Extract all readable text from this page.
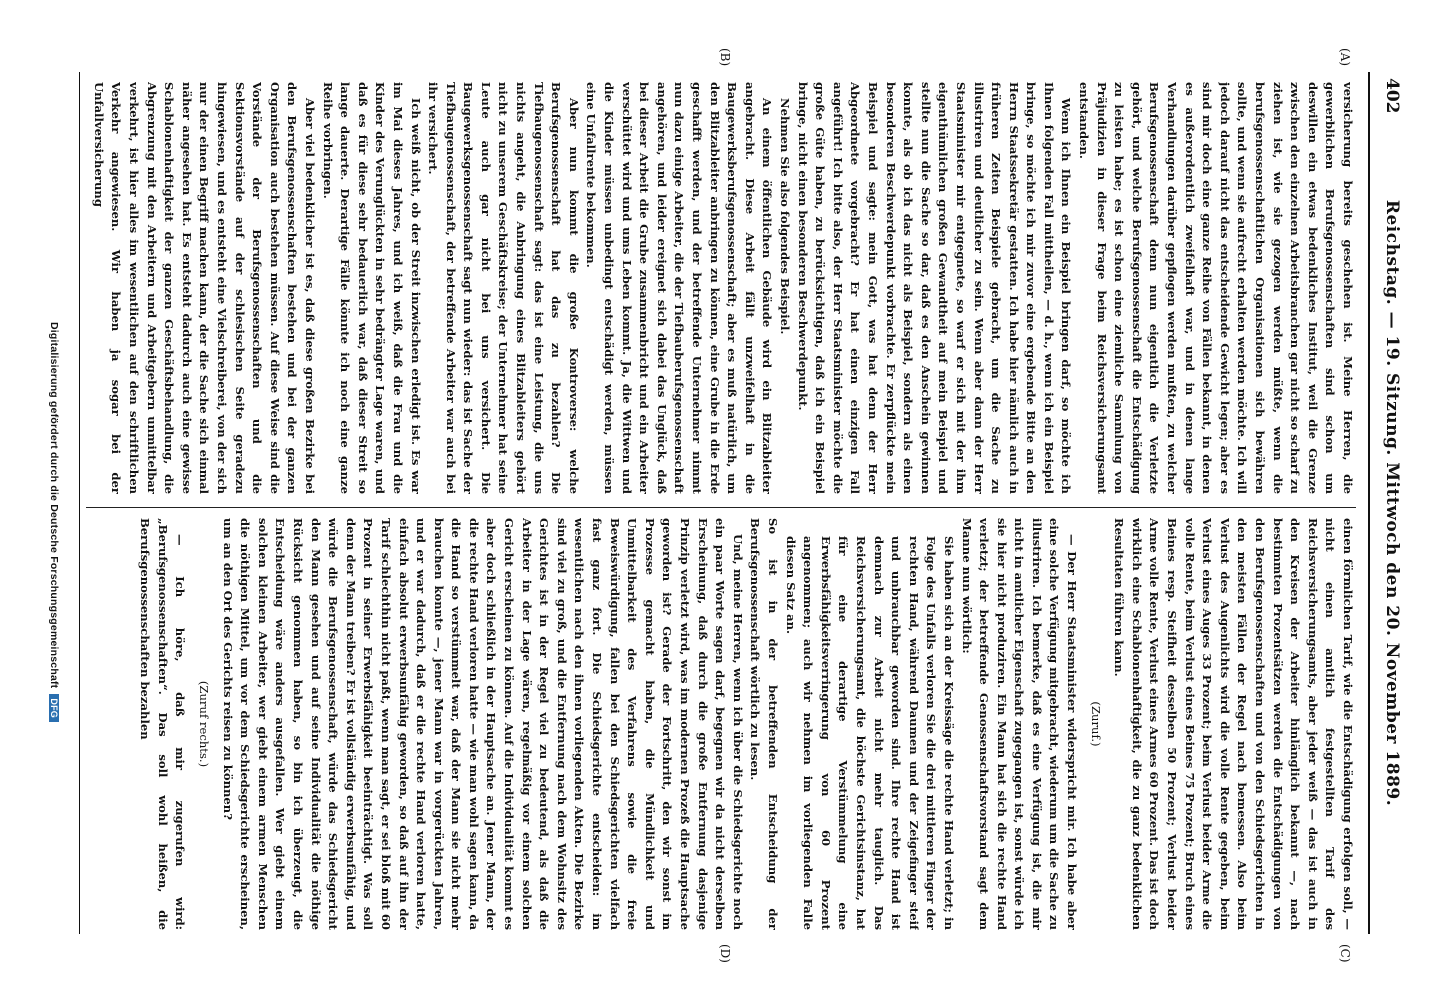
402
Reichstag. — 19. Sitzung. Mittwoch den 20. November 1889.
(A)
(B)
(C)
(D)

versicherung bereits geschehen ist. Meine Herren, die gewerblichen Berufsgenossenschaften sind schon um deswillen ein etwas bedenkliches Institut, weil die Grenze zwischen den einzelnen Arbeitsbranchen gar nicht so scharf zu ziehen ist, wie sie gezogen werden müßte, wenn die berufsgenossenschaftlichen Organisationen sich bewähren sollte, und wenn sie aufrecht erhalten werden möchte. Ich will jedoch darauf nicht das entscheidende Gewicht legen; aber es sind mir doch eine ganze Reihe von Fällen bekannt, in denen es außerordentlich zweifelhaft war, und in denen lange Verhandlungen darüber gepflogen werden mußten, zu welcher Berufsgenossenschaft denn nun eigentlich die Verletzte gehört, und welche Berufsgenossenschaft die Entschädigung zu leisten habe; es ist schon eine ziemliche Sammlung von Präjudizien in dieser Frage beim Reichsversicherungsamt entstanden.

Wenn ich Ihnen ein Beispiel bringen darf, so möchte ich Ihnen folgenden Fall mittheilen, — d. h., wenn ich ein Beispiel bringe, so möchte ich mir zuvor eine ergebende Bitte an den Herrn Staatssekretär gestatten. Ich habe hier nämlich auch in früheren Zeiten Beispiele gebracht, um die Sache zu illustriren und deutlicher zu sein. Wenn aber dann der Herr Staatsminister mir entgegnete, so warf er sich mit der ihm eigenthümlichen großen Gewandtheit auf mein Beispiel und stellte nun die Sache so dar, daß es den Anschein gewinnen konnte, als ob ich das nicht als Beispiel, sondern als einen besonderen Beschwerdepunkt vorbrachte. Er zerpflückte mein Beispiel und sagte: mein Gott, was hat denn der Herr Abgeordnete vorgebracht? Er hat einen einzigen Fall angeführt! Ich bitte also, der Herr Staatsminister möchte die große Güte haben, zu berücksichtigen, daß ich ein Beispiel bringe, nicht einen besonderen Beschwerdepunkt.

Nehmen Sie also folgendes Beispiel.

An einem öffentlichen Gebäude wird ein Blitzableiter angebracht. Diese Arbeit fällt unzweifelhaft in die Baugewerksberufsgenossenschaft; aber es muß natürlich, um den Blitzableiter anbringen zu können, eine Grube in die Erde geschafft werden, und der betreffende Unternehmer nimmt nun dazu einige Arbeiter, die der Tiefbauberufsgenossenschaft angehören, und leider ereignet sich dabei das Unglück, daß bei dieser Arbeit die Grube zusammenbricht und ein Arbeiter verschüttet wird und ums Leben kommt. Ja, die Wittwen und die Kinder müssen unbedingt entschädigt werden, müssen eine Unfallrente bekommen.

Aber nun kommt die große Kontroverse: welche Berufsgenossenschaft hat das zu bezahlen? Die Tiefbaugenossenschaft sagt: das ist eine Leistung, die uns nichts angeht, die Anbringung eines Blitzableiters gehört nicht zu unserem Geschäftskreise; der Unternehmer hat seine Leute auch gar nicht bei uns versichert. Die Baugewerksgenossenschaft sagt nun wieder: das ist Sache der Tiefbaugenossenschaft, der betreffende Arbeiter war auch bei ihr versichert.

Ich weiß nicht, ob der Streit inzwischen erledigt ist. Es war im Mai dieses Jahres, und ich weiß, daß die Frau und die Kinder des Verunglückten in sehr bedrängter Lage waren, und daß es für diese sehr bedauerlich war, daß dieser Streit so lange dauerte. Derartige Fälle könnte ich noch eine ganze Reihe vorbringen.

Aber viel bedenklicher ist es, daß diese großen Bezirke bei den Berufsgenossenschaften bestehen und bei der ganzen Organisation auch bestehen müssen. Auf diese Weise sind die Vorstände der Berufsgenossenschaften und die Sektionsvorstände auf der schlesischen Seite geradezu hingewiesen, und es entsteht eine Vielschreiberei, von der sich nur der einen Begriff machen kann, der die Sache sich einmal näher angesehen hat. Es entsteht dadurch auch eine gewisse Schablonenhaftigkeit der ganzen Geschäftsbehandlung, die Abgrenzung mit den Arbeitern und Arbeitgebern unmittelbar verkehrt, ist hier alles im wesentlichen auf den schriftlichen Verkehr angewiesen. Wir haben ja sogar bei der Unfallversicherung

einen förmlichen Tarif, wie die Entschädigung erfolgen soll, — nicht einen amtlich festgestellten Tarif des Reichsversicherungsamts, aber jeder weiß — das ist auch in den Kreisen der Arbeiter hinlänglich bekannt —, nach bestimmten Prozentsätzen werden die Entschädigungen von den Berufsgenossenschaften und von den Schiedsgerichten in den meisten Fällen der Regel nach bemessen. Also beim Verlust des Augenlichts wird die volle Rente gegeben, beim Verlust eines Auges 33 Prozent; beim Verlust beider Arme die volle Rente, beim Verlust eines Beines 75 Prozent; Bruch eines Beines resp. Steifheit desselben 50 Prozent; Verlust beider Arme volle Rente, Verlust eines Armes 60 Prozent. Das ist doch wirklich eine Schablonenhaftigkeit, die zu ganz bedenklichen Resultaten führen kann.

(Zuruf.)

— Der Herr Staatsminister widerspricht mir. Ich habe aber eine solche Verfügung mitgebracht, wiederum um die Sache zu illustriren. Ich bemerke, daß es eine Verfügung ist, die mir nicht in amtlicher Eigenschaft zugegangen ist, sonst würde ich sie hier nicht produziren. Ein Mann hat sich die rechte Hand verletzt; der betreffende Genossenschaftsvorstand sagt dem Manne nun wörtlich:

Sie haben sich an der Kreissäge die rechte Hand verletzt; in Folge des Unfalls verloren Sie die drei mittleren Finger der rechten Hand, während Daumen und der Zeigefinger steif und unbrauchbar geworden sind. Ihre rechte Hand ist demnach zur Arbeit nicht mehr tauglich. Das Reichsversicherungsamt, die höchste Gerichtsinstanz, hat für eine derartige Verstümmelung eine Erwerbsfähigkeitsverringerung von 60 Prozent angenommen; auch wir nehmen im vorliegenden Falle diesen Satz an.

So ist in der betreffenden Entscheidung der Berufsgenossenschaft wörtlich zu lesen.

Und, meine Herren, wenn ich über die Schiedsgerichte noch ein paar Worte sagen darf, begegnen wir da nicht derselben Erscheinung, daß durch die große Entfernung dasjenige Prinzip verletzt wird, was im modernen Prozeß die Hauptsache geworden ist? Gerade der Fortschritt, den wir sonst im Prozesse gemacht haben, die Mündlichkeit und Unmittelbarkeit des Verfahrens sowie die freie Beweiswürdigung, fallen bei den Schiedsgerichten vielfach fast ganz fort. Die Schiedsgerichte entscheiden: im wesentlichen nach den ihnen vorliegenden Akten. Die Bezirke sind viel zu groß, und die Entfernung nach dem Wohnsitz des Gerichtes ist in der Regel viel zu bedeutend, als daß die Arbeiter in der Lage wären, regelmäßig vor einem solchen Gericht erscheinen zu können. Auf die Individualität kommt es aber doch schließlich in der Hauptsache an. Jener Mann, der die rechte Hand verloren hatte — wie man wohl sagen kann, da die Hand so verstümmelt war, daß der Mann sie nicht mehr brauchen konnte —, jener Mann war in vorgerückten Jahren, und er war dadurch, daß er die rechte Hand verloren hatte, einfach absolut erwerbsunfähig geworden, so daß auf ihn der Tarif schlechthin nicht paßt, wenn man sagt, er sei bloß mit 60 Prozent in seiner Erwerbsfähigkeit beeinträchtigt. Was soll denn der Mann treiben? Er ist vollständig erwerbsunfähig, und würde die Berufsgenossenschaft, würde das Schiedsgericht den Mann gesehen und auf seine Individualität die nöthige Rücksicht genommen haben, so bin ich überzeugt, die Entscheidung wäre anders ausgefallen. Wer giebt einem solchen kleinen Arbeiter, wer giebt einem armen Menschen die nöthigen Mittel, um vor dem Schiedsgerichte erscheinen, um an den Ort des Gerichts reisen zu können?

(Zuruf rechts.)

— Ich höre, daß mir zugerufen wird: „Berufsgenossenschaften“. Das soll wohl heißen, die Berufsgenossenschaften bezahlen

Digitalisierung gefördert durch die Deutsche ForschungsgemeinschaftDFG
